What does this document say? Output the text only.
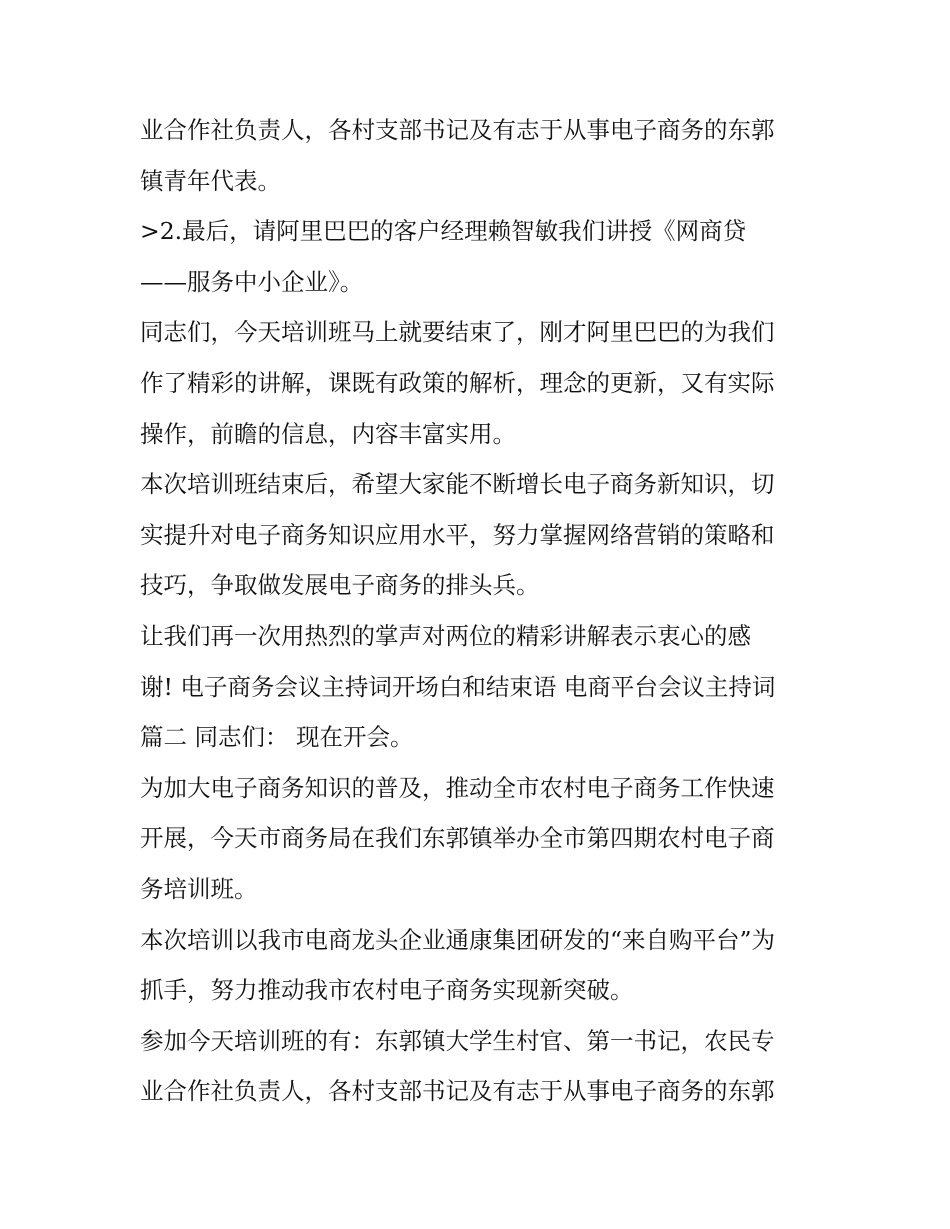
业合作社负责人，各村支部书记及有志于从事电子商务的东郭
镇青年代表。
>2.最后，请阿里巴巴的客户经理赖智敏我们讲授《网商贷
——服务中小企业》。
同志们，今天培训班马上就要结束了，刚才阿里巴巴的为我们
作了精彩的讲解，课既有政策的解析，理念的更新，又有实际
操作，前瞻的信息，内容丰富实用。
本次培训班结束后，希望大家能不断增长电子商务新知识，切
实提升对电子商务知识应用水平，努力掌握网络营销的策略和
技巧，争取做发展电子商务的排头兵。
让我们再一次用热烈的掌声对两位的精彩讲解表示衷心的感
谢! 电子商务会议主持词开场白和结束语 电商平台会议主持词
篇二 同志们： 现在开会。
为加大电子商务知识的普及，推动全市农村电子商务工作快速
开展，今天市商务局在我们东郭镇举办全市第四期农村电子商
务培训班。
本次培训以我市电商龙头企业通康集团研发的“来自购平台”为
抓手，努力推动我市农村电子商务实现新突破。
参加今天培训班的有：东郭镇大学生村官、第一书记，农民专
业合作社负责人，各村支部书记及有志于从事电子商务的东郭
